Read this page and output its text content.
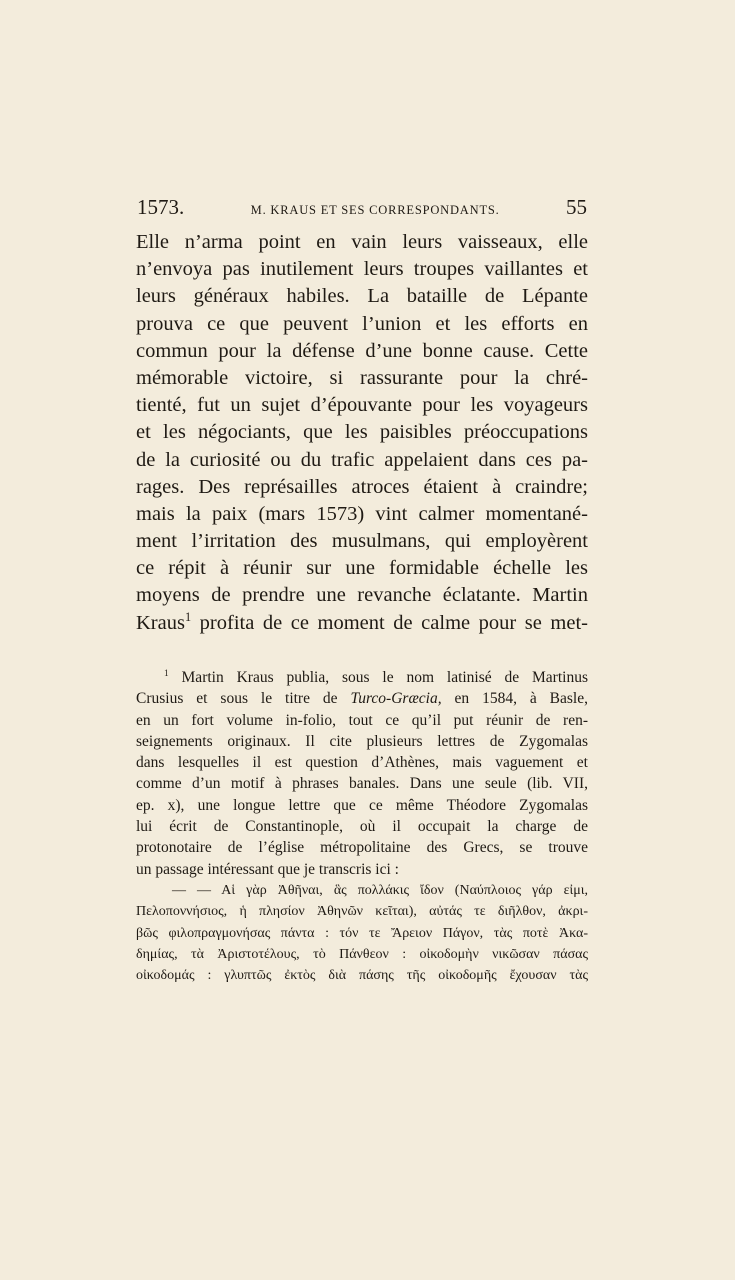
1573.	M. KRAUS ET SES CORRESPONDANTS.	55
Elle n’arma point en vain leurs vaisseaux, elle
n’envoya pas inutilement leurs troupes vaillantes et
leurs généraux habiles. La bataille de Lépante
prouva ce que peuvent l’union et les efforts en
commun pour la défense d’une bonne cause. Cette
mémorable victoire, si rassurante pour la chré-
tienté, fut un sujet d’épouvante pour les voyageurs
et les négociants, que les paisibles préoccupations
de la curiosité ou du trafic appelaient dans ces pa-
rages. Des représailles atroces étaient à craindre;
mais la paix (mars 1573) vint calmer momentané-
ment l’irritation des musulmans, qui employèrent
ce répit à réunir sur une formidable échelle les
moyens de prendre une revanche éclatante. Martin
Kraus$^1$ profita de ce moment de calme pour se met-
$^1$ Martin Kraus publia, sous le nom latinisé de Martinus
Crusius et sous le titre de Turco-Græcia, en 1584, à Basle,
en un fort volume in-folio, tout ce qu’il put réunir de ren-
seignements originaux. Il cite plusieurs lettres de Zygomalas
dans lesquelles il est question d’Athènes, mais vaguement et
comme d’un motif à phrases banales. Dans une seule (lib. VII,
ep. x), une longue lettre que ce même Théodore Zygomalas
lui écrit de Constantinople, où il occupait la charge de
protonotaire de l’église métropolitaine des Grecs, se trouve
un passage intéressant que je transcris ici :
— — Αἱ γὰρ Ἀθῆναι, ἃς πολλάκις ἴδον (Ναύπλοιος γάρ εἰμι,
Πελοποννήσιος, ἡ πλησίον Ἀθηνῶν κεῖται), αὐτάς τε διῆλθον, ἀκρι-
βῶς φιλοπραγμονήσας πάντα : τόν τε Ἄρειον Πάγον, τὰς ποτὲ Ἀκα-
δημίας, τὰ Ἀριστοτέλους, τὸ Πάνθεον : οἰκοδομὴν νικῶσαν πάσας
οἰκοδομάς : γλυπτῶς ἐκτὸς διὰ πάσης τῆς οἰκοδομῆς ἔχουσαν τὰς
